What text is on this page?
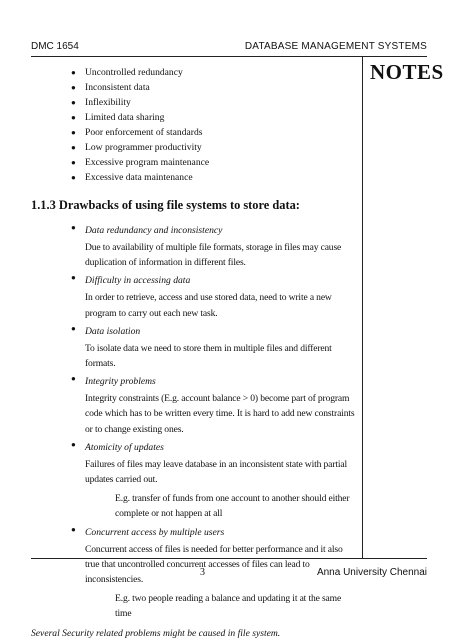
DMC 1654	DATABASE MANAGEMENT SYSTEMS
NOTES
● Uncontrolled redundancy
● Inconsistent data
● Inflexibility
● Limited data sharing
● Poor enforcement of standards
● Low programmer productivity
● Excessive program maintenance
● Excessive data maintenance
1.1.3 Drawbacks of using file systems to store data:
● Data redundancy and inconsistency
Due to availability of multiple file formats, storage in files may cause duplication of information in different files.
● Difficulty in accessing data
In order to retrieve, access and use stored data, need to write a new program to carry out each new task.
● Data isolation
To isolate data we need to store them in multiple files and different formats.
● Integrity problems
Integrity constraints (E.g. account balance > 0) become part of program code which has to be written every time. It is hard to add new constraints or to change existing ones.
● Atomicity of updates
Failures of files may leave database in an inconsistent state with partial updates carried out.
E.g. transfer of funds from one account to another should either complete or not happen at all
● Concurrent access by multiple users
Concurrent access of files is needed for better performance and it also true that uncontrolled concurrent accesses of files can lead to inconsistencies.
E.g. two people reading a balance and updating it at the same time
Several Security related problems might be caused in file system.
3	Anna University Chennai
